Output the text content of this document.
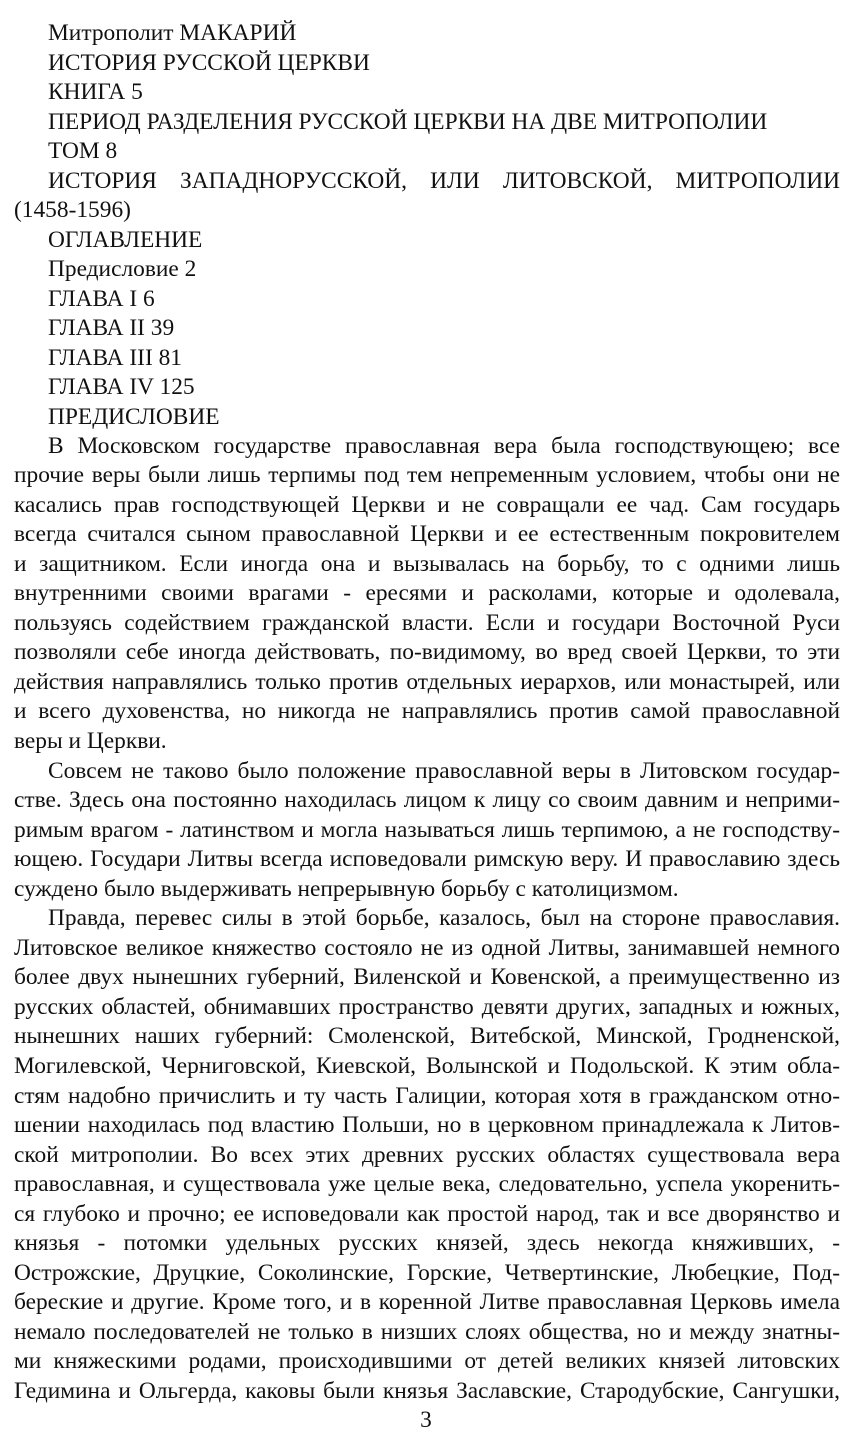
Митрополит МАКАРИЙ
ИСТОРИЯ РУССКОЙ ЦЕРКВИ
КНИГА 5
ПЕРИОД РАЗДЕЛЕНИЯ РУССКОЙ ЦЕРКВИ НА ДВЕ МИТРОПОЛИИ
ТОМ 8
ИСТОРИЯ ЗАПАДНОРУССКОЙ, ИЛИ ЛИТОВСКОЙ, МИТРОПОЛИИ
(1458-1596)
ОГЛАВЛЕНИЕ
Предисловие 2
ГЛАВА I 6
ГЛАВА II 39
ГЛАВА III 81
ГЛАВА IV 125
ПРЕДИСЛОВИЕ
В Московском государстве православная вера была господствующею; все
прочие веры были лишь терпимы под тем непременным условием, чтобы они не
касались прав господствующей Церкви и не совращали ее чад. Сам государь
всегда считался сыном православной Церкви и ее естественным покровителем
и защитником. Если иногда она и вызывалась на борьбу, то с одними лишь
внутренними своими врагами - ересями и расколами, которые и одолевала,
пользуясь содействием гражданской власти. Если и государи Восточной Руси
позволяли себе иногда действовать, по-видимому, во вред своей Церкви, то эти
действия направлялись только против отдельных иерархов, или монастырей, или
и всего духовенства, но никогда не направлялись против самой православной
веры и Церкви.
Совсем не таково было положение православной веры в Литовском государ-
стве. Здесь она постоянно находилась лицом к лицу со своим давним и неприми-
римым врагом - латинством и могла называться лишь терпимою, а не господству-
ющею. Государи Литвы всегда исповедовали римскую веру. И православию здесь
суждено было выдерживать непрерывную борьбу с католицизмом.
Правда, перевес силы в этой борьбе, казалось, был на стороне православия.
Литовское великое княжество состояло не из одной Литвы, занимавшей немного
более двух нынешних губерний, Виленской и Ковенской, а преимущественно из
русских областей, обнимавших пространство девяти других, западных и южных,
нынешних наших губерний: Смоленской, Витебской, Минской, Гродненской,
Могилевской, Черниговской, Киевской, Волынской и Подольской. К этим обла-
стям надобно причислить и ту часть Галиции, которая хотя в гражданском отно-
шении находилась под властию Польши, но в церковном принадлежала к Литов-
ской митрополии. Во всех этих древних русских областях существовала вера
православная, и существовала уже целые века, следовательно, успела укоренить-
ся глубоко и прочно; ее исповедовали как простой народ, так и все дворянство и
князья - потомки удельных русских князей, здесь некогда княживших, -
Острожские, Друцкие, Соколинские, Горские, Четвертинские, Любецкие, Под-
береские и другие. Кроме того, и в коренной Литве православная Церковь имела
немало последователей не только в низших слоях общества, но и между знатны-
ми княжескими родами, происходившими от детей великих князей литовских
Гедимина и Ольгерда, каковы были князья Заславские, Стародубские, Сангушки,
3
